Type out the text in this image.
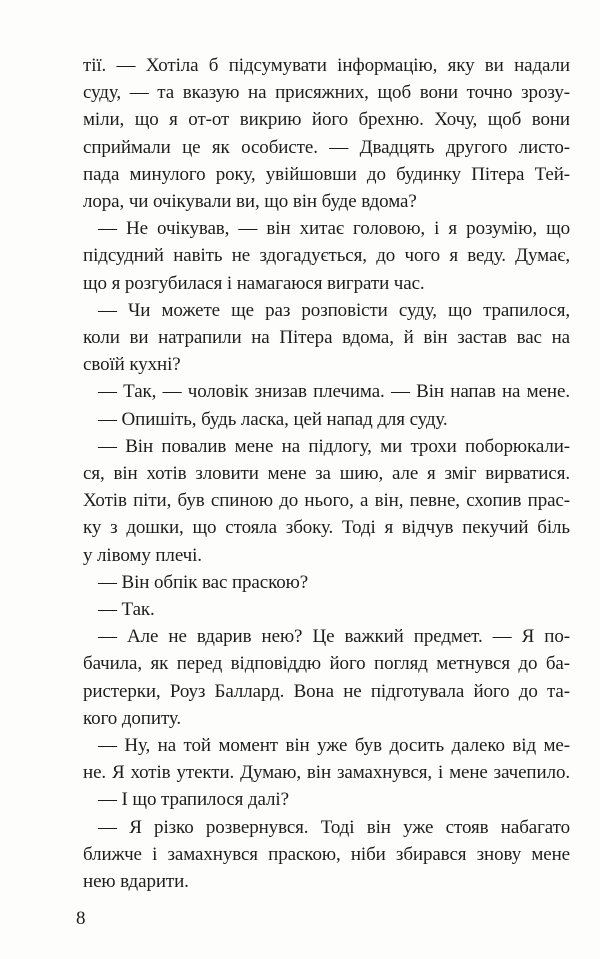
тії. — Хотіла б підсумувати інформацію, яку ви надали
суду, — та вказую на присяжних, щоб вони точно зрозу-
міли, що я от-от викрию його брехню. Хочу, щоб вони
сприймали це як особисте. — Двадцять другого листо-
пада минулого року, увійшовши до будинку Пітера Тей-
лора, чи очікували ви, що він буде вдома?
— Не очікував, — він хитає головою, і я розумію, що
підсудний навіть не здогадується, до чого я веду. Думає,
що я розгубилася і намагаюся виграти час.
— Чи можете ще раз розповісти суду, що трапилося,
коли ви натрапили на Пітера вдома, й він застав вас на
своїй кухні?
— Так, — чоловік знизав плечима. — Він напав на мене.
— Опишіть, будь ласка, цей напад для суду.
— Він повалив мене на підлогу, ми трохи поборюкали-
ся, він хотів зловити мене за шию, але я зміг вирватися.
Хотів піти, був спиною до нього, а він, певне, схопив прас-
ку з дошки, що стояла збоку. Тоді я відчув пекучий біль
у лівому плечі.
— Він обпік вас праскою?
— Так.
— Але не вдарив нею? Це важкий предмет. — Я по-
бачила, як перед відповіддю його погляд метнувся до ба-
ристерки, Роуз Баллард. Вона не підготувала його до та-
кого допиту.
— Ну, на той момент він уже був досить далеко від ме-
не. Я хотів утекти. Думаю, він замахнувся, і мене зачепило.
— І що трапилося далі?
— Я різко розвернувся. Тоді він уже стояв набагато
ближче і замахнувся праскою, ніби збирався знову мене
нею вдарити.
8
